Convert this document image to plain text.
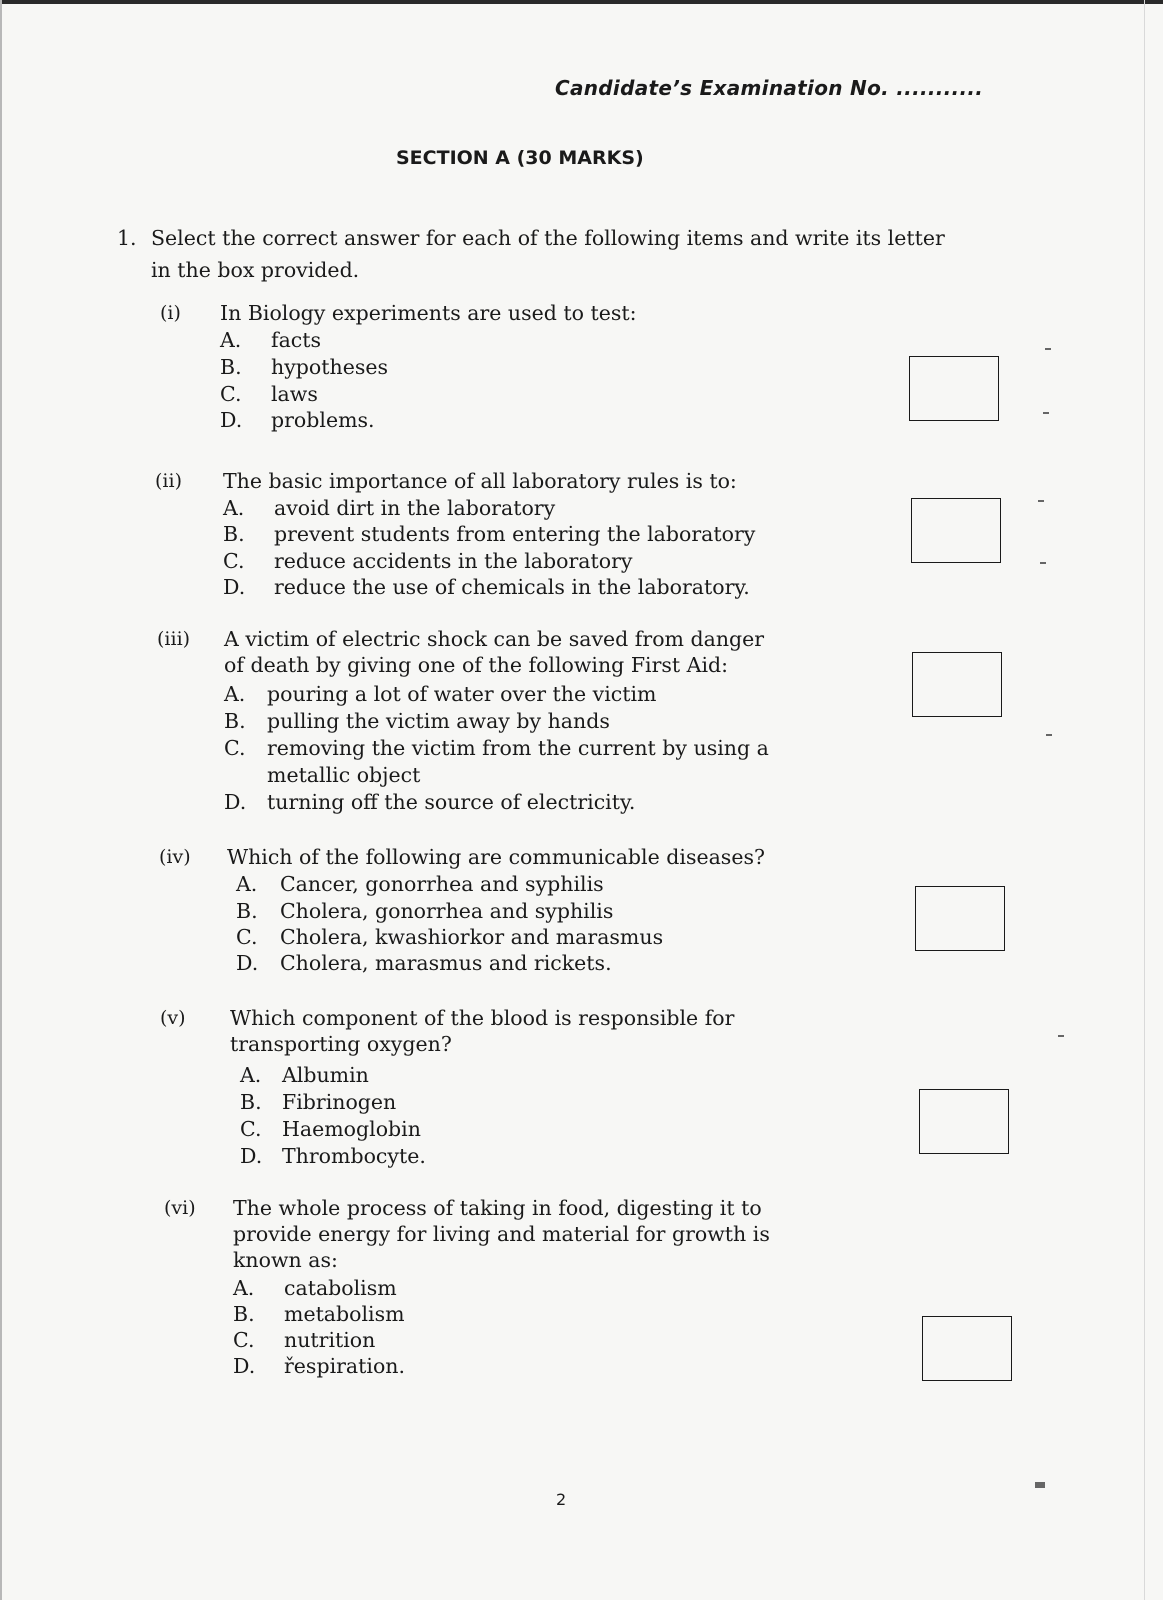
Candidate’s Examination No. ...........
SECTION A (30 MARKS)
1. Select the correct answer for each of the following items and write its letter
in the box provided.
(i) In Biology experiments are used to test:
A. facts
B. hypotheses
C. laws
D. problems.
(ii) The basic importance of all laboratory rules is to:
A. avoid dirt in the laboratory
B. prevent students from entering the laboratory
C. reduce accidents in the laboratory
D. reduce the use of chemicals in the laboratory.
(iii) A victim of electric shock can be saved from danger
of death by giving one of the following First Aid:
A. pouring a lot of water over the victim
B. pulling the victim away by hands
C. removing the victim from the current by using a
metallic object
D. turning off the source of electricity.
(iv) Which of the following are communicable diseases?
A. Cancer, gonorrhea and syphilis
B. Cholera, gonorrhea and syphilis
C. Cholera, kwashiorkor and marasmus
D. Cholera, marasmus and rickets.
(v) Which component of the blood is responsible for
transporting oxygen?
A. Albumin
B. Fibrinogen
C. Haemoglobin
D. Thrombocyte.
(vi) The whole process of taking in food, digesting it to
provide energy for living and material for growth is
known as:
A. catabolism
B. metabolism
C. nutrition
D. řespiration.
2
